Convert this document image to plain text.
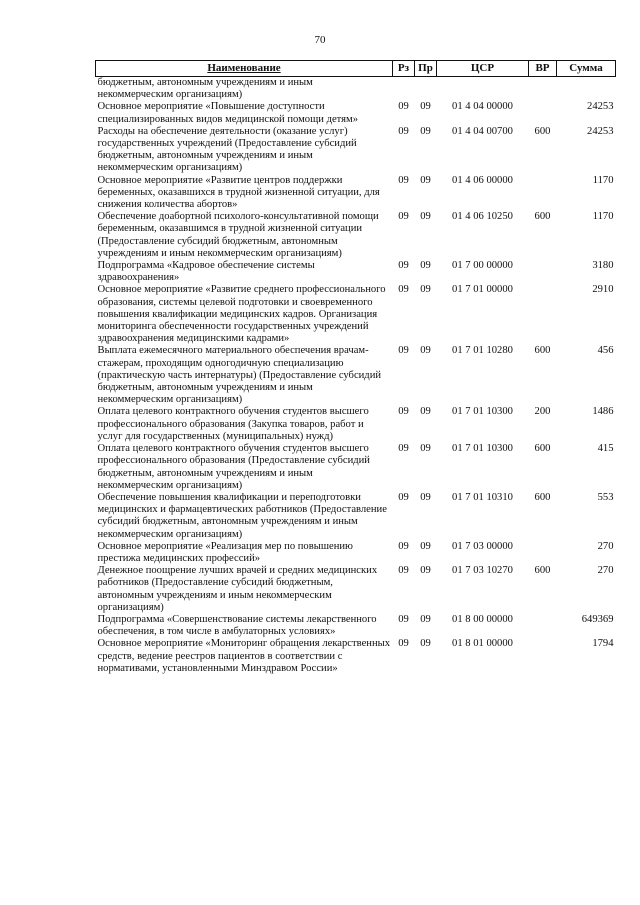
70
Наименование	Рз	Пр	ЦСР	ВР	Сумма
бюджетным, автономным учреждениям и иным некоммерческим организациям)					
Основное мероприятие «Повышение доступности специализированных видов медицинской помощи детям»	09	09	01 4 04 00000		24253
Расходы на обеспечение деятельности (оказание услуг) государственных учреждений (Предоставление субсидий бюджетным, автономным учреждениям и иным некоммерческим организациям)	09	09	01 4 04 00700	600	24253
Основное мероприятие «Развитие центров поддержки беременных, оказавшихся в трудной жизненной ситуации, для снижения количества абортов»	09	09	01 4 06 00000		1170
Обеспечение доабортной психолого-консультативной помощи беременным, оказавшимся в трудной жизненной ситуации (Предоставление субсидий бюджетным, автономным учреждениям и иным некоммерческим организациям)	09	09	01 4 06 10250	600	1170
Подпрограмма «Кадровое обеспечение системы здравоохранения»	09	09	01 7 00 00000		3180
Основное мероприятие «Развитие среднего профессионального образования, системы целевой подготовки и своевременного повышения квалификации медицинских кадров. Организация мониторинга обеспеченности государственных учреждений здравоохранения медицинскими кадрами»	09	09	01 7 01 00000		2910
Выплата ежемесячного материального обеспечения врачам-стажерам, проходящим одногодичную специализацию (практическую часть интернатуры) (Предоставление субсидий бюджетным, автономным учреждениям и иным некоммерческим организациям)	09	09	01 7 01 10280	600	456
Оплата целевого контрактного обучения студентов высшего профессионального образования (Закупка товаров, работ и услуг для государственных (муниципальных) нужд)	09	09	01 7 01 10300	200	1486
Оплата целевого контрактного обучения студентов высшего профессионального образования (Предоставление субсидий бюджетным, автономным учреждениям и иным некоммерческим организациям)	09	09	01 7 01 10300	600	415
Обеспечение повышения квалификации и переподготовки медицинских и фармацевтических работников (Предоставление субсидий бюджетным, автономным учреждениям и иным некоммерческим организациям)	09	09	01 7 01 10310	600	553
Основное мероприятие «Реализация мер по повышению престижа медицинских профессий»	09	09	01 7 03 00000		270
Денежное поощрение лучших врачей и средних медицинских работников (Предоставление субсидий бюджетным, автономным учреждениям и иным некоммерческим организациям)	09	09	01 7 03 10270	600	270
Подпрограмма «Совершенствование системы лекарственного обеспечения, в том числе в амбулаторных условиях»	09	09	01 8 00 00000		649369
Основное мероприятие «Мониторинг обращения лекарственных средств, ведение реестров пациентов в соответствии с нормативами, установленными Минздравом России»	09	09	01 8 01 00000		1794
